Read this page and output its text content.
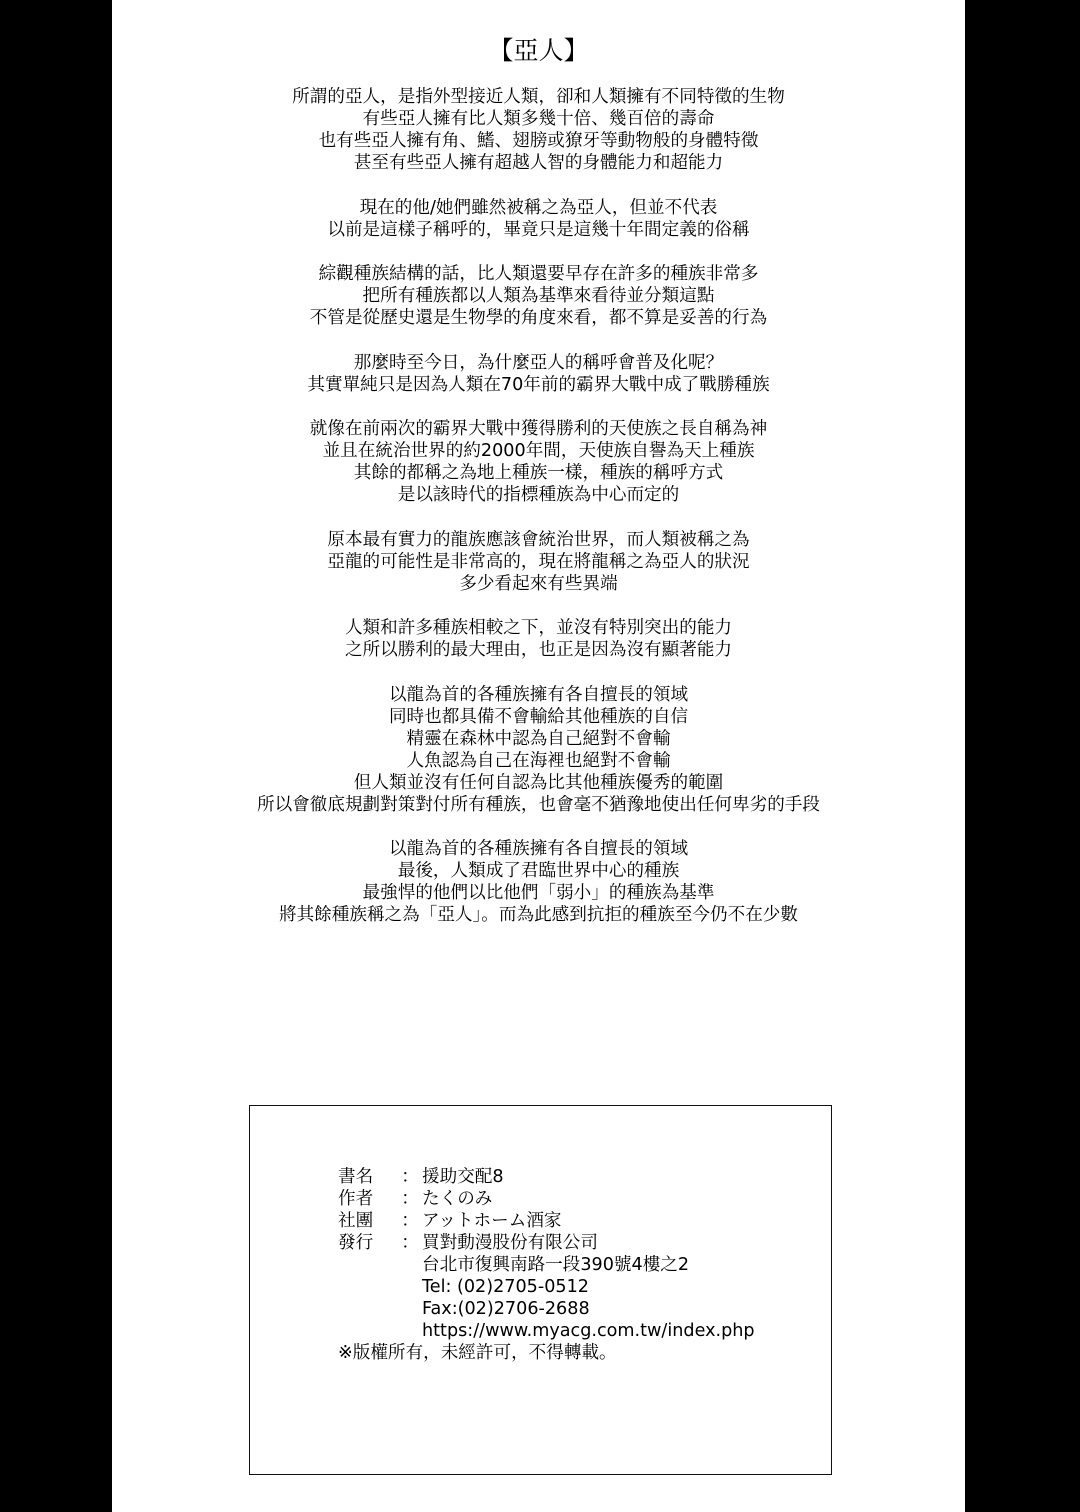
【亞人】
所謂的亞人，是指外型接近人類，卻和人類擁有不同特徵的生物
有些亞人擁有比人類多幾十倍、幾百倍的壽命
也有些亞人擁有角、鰭、翅膀或獠牙等動物般的身體特徵
甚至有些亞人擁有超越人智的身體能力和超能力
現在的他/她們雖然被稱之為亞人，但並不代表
以前是這樣子稱呼的，畢竟只是這幾十年間定義的俗稱
綜觀種族結構的話，比人類還要早存在許多的種族非常多
把所有種族都以人類為基準來看待並分類這點
不管是從歷史還是生物學的角度來看，都不算是妥善的行為
那麼時至今日，為什麼亞人的稱呼會普及化呢？
其實單純只是因為人類在70年前的霸界大戰中成了戰勝種族
就像在前兩次的霸界大戰中獲得勝利的天使族之長自稱為神
並且在統治世界的約2000年間，天使族自譽為天上種族
其餘的都稱之為地上種族一樣，種族的稱呼方式
是以該時代的指標種族為中心而定的
原本最有實力的龍族應該會統治世界，而人類被稱之為
亞龍的可能性是非常高的，現在將龍稱之為亞人的狀況
多少看起來有些異端
人類和許多種族相較之下，並沒有特別突出的能力
之所以勝利的最大理由，也正是因為沒有顯著能力
以龍為首的各種族擁有各自擅長的領域
同時也都具備不會輸給其他種族的自信
精靈在森林中認為自己絕對不會輸
人魚認為自己在海裡也絕對不會輸
但人類並沒有任何自認為比其他種族優秀的範圍
所以會徹底規劃對策對付所有種族，也會毫不猶豫地使出任何卑劣的手段
以龍為首的各種族擁有各自擅長的領域
最後，人類成了君臨世界中心的種族
最強悍的他們以比他們「弱小」的種族為基準
將其餘種族稱之為「亞人」。而為此感到抗拒的種族至今仍不在少數
書名	： 援助交配8
作者	： たくのみ
社團	： アットホーム酒家
發行	： 買對動漫股份有限公司
台北市復興南路一段390號4樓之2
Tel: (02)2705-0512
Fax:(02)2706-2688
https://www.myacg.com.tw/index.php
※版權所有，未經許可，不得轉載。
